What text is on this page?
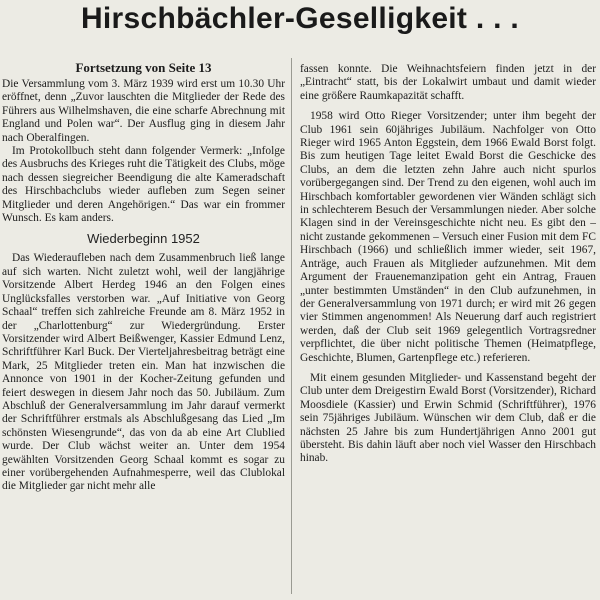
Hirschbächler-Geselligkeit . . .
Fortsetzung von Seite 13

Die Versammlung vom 3. März 1939 wird erst um 10.30 Uhr eröffnet, denn „Zuvor lauschten die Mitglieder der Rede des Führers aus Wilhelmshaven, die eine scharfe Abrechnung mit England und Polen war“. Der Ausflug ging in diesem Jahr nach Oberalfingen.

Im Protokollbuch steht dann folgender Vermerk: „Infolge des Ausbruchs des Krieges ruht die Tätigkeit des Clubs, möge nach dessen siegreicher Beendigung die alte Kameradschaft des Hirschbachclubs wieder aufleben zum Segen seiner Mitglieder und deren Angehörigen.“ Das war ein frommer Wunsch. Es kam anders.

Wiederbeginn 1952

Das Wiederaufleben nach dem Zusammenbruch ließ lange auf sich warten. Nicht zuletzt wohl, weil der langjährige Vorsitzende Albert Herdeg 1946 an den Folgen eines Unglücksfalles verstorben war. „Auf Initiative von Georg Schaal“ treffen sich zahlreiche Freunde am 8. März 1952 in der „Charlottenburg“ zur Wiedergründung. Erster Vorsitzender wird Albert Beißwenger, Kassier Edmund Lenz, Schriftführer Karl Buck. Der Vierteljahresbeitrag beträgt eine Mark, 25 Mitglieder treten ein. Man hat inzwischen die Annonce von 1901 in der Kocher-Zeitung gefunden und feiert deswegen in diesem Jahr noch das 50. Jubiläum. Zum Abschluß der Generalversammlung im Jahr darauf vermerkt der Schriftführer erstmals als Abschlußgesang das Lied „Im schönsten Wiesengrunde“, das von da ab eine Art Clublied wurde. Der Club wächst weiter an. Unter dem 1954 gewählten Vorsitzenden Georg Schaal kommt es sogar zu einer vorübergehenden Aufnahmesperre, weil das Clublokal die Mitglieder gar nicht mehr alle

fassen konnte. Die Weihnachtsfeiern finden jetzt in der „Eintracht“ statt, bis der Lokalwirt umbaut und damit wieder eine größere Raumkapazität schafft.

1958 wird Otto Rieger Vorsitzender; unter ihm begeht der Club 1961 sein 60jähriges Jubiläum. Nachfolger von Otto Rieger wird 1965 Anton Eggstein, dem 1966 Ewald Borst folgt. Bis zum heutigen Tage leitet Ewald Borst die Geschicke des Clubs, an dem die letzten zehn Jahre auch nicht spurlos vorübergegangen sind. Der Trend zu den eigenen, wohl auch im Hirschbach komfortabler gewordenen vier Wänden schlägt sich in schlechterem Besuch der Versammlungen nieder. Aber solche Klagen sind in der Vereinsgeschichte nicht neu. Es gibt den – nicht zustande gekommenen – Versuch einer Fusion mit dem FC Hirschbach (1966) und schließlich immer wieder, seit 1967, Anträge, auch Frauen als Mitglieder aufzunehmen. Mit dem Argument der Frauenemanzipation geht ein Antrag, Frauen „unter bestimmten Umständen“ in den Club aufzunehmen, in der Generalversammlung von 1971 durch; er wird mit 26 gegen vier Stimmen angenommen! Als Neuerung darf auch registriert werden, daß der Club seit 1969 gelegentlich Vortragsredner verpflichtet, die über nicht politische Themen (Heimatpflege, Geschichte, Blumen, Gartenpflege etc.) referieren.

Mit einem gesunden Mitglieder- und Kassenstand begeht der Club unter dem Dreigestirn Ewald Borst (Vorsitzender), Richard Moosdiele (Kassier) und Erwin Schmid (Schriftführer), 1976 sein 75jähriges Jubiläum. Wünschen wir dem Club, daß er die nächsten 25 Jahre bis zum Hundertjährigen Anno 2001 gut übersteht. Bis dahin läuft aber noch viel Wasser den Hirschbach hinab.
